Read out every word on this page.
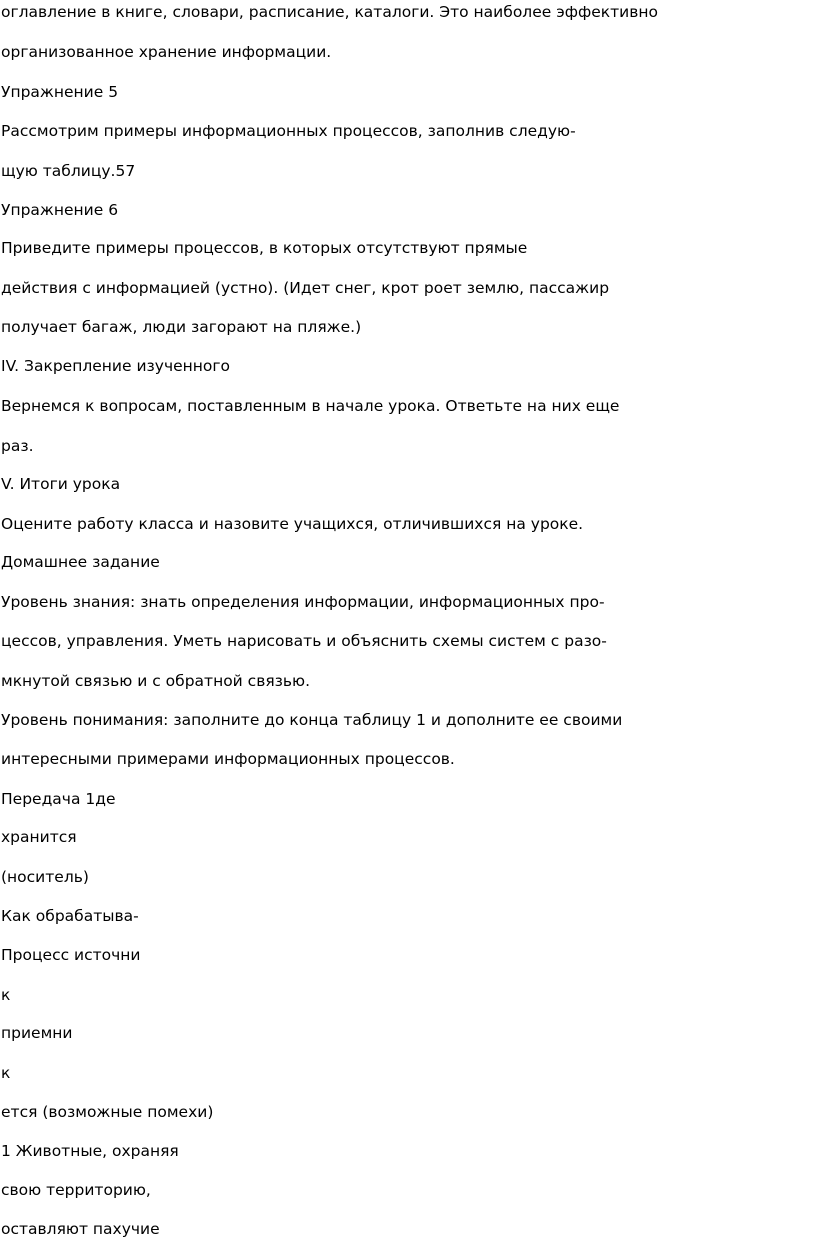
оглавление в книге, словари, расписание, каталоги. Это наиболее эффективно
организованное хранение информации.
Упражнение 5
Рассмотрим примеры информационных процессов, заполнив следую-
щую таблицу.57
Упражнение 6
Приведите примеры процессов, в которых отсутствуют прямые
действия с информацией (устно). (Идет снег, крот роет землю, пассажир
получает багаж, люди загорают на пляже.)
IV. Закрепление изученного
Вернемся к вопросам, поставленным в начале урока. Ответьте на них еще
раз.
V. Итоги урока
Оцените работу класса и назовите учащихся, отличившихся на уроке.
Домашнее задание
Уровень знания: знать определения информации, информационных про-
цессов, управления. Уметь нарисовать и объяснить схемы систем с разо-
мкнутой связью и с обратной связью.
Уровень понимания: заполните до конца таблицу 1 и дополните ее своими
интересными примерами информационных процессов.
Передача 1де
хранится
(носитель)
Как обрабатыва-
Процесс источни
к
приемни
к
ется (возможные помехи)
1 Животные, охраняя
свою территорию,
оставляют пахучие
